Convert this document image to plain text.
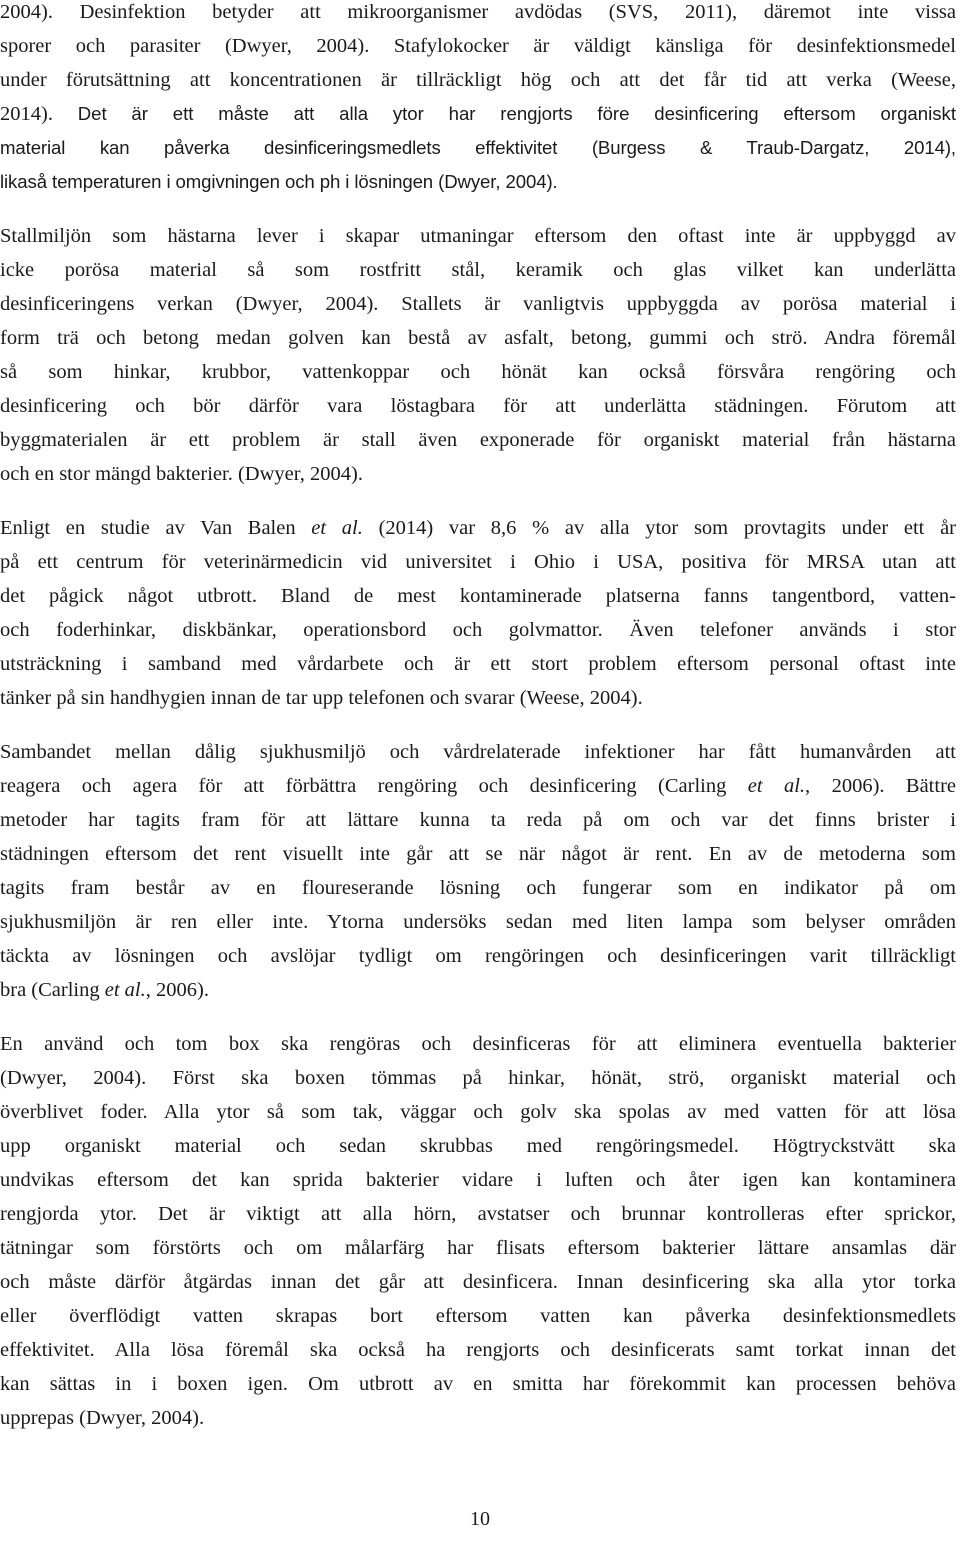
2004). Desinfektion betyder att mikroorganismer avdödas (SVS, 2011), däremot inte vissa
sporer och parasiter (Dwyer, 2004). Stafylokocker är väldigt känsliga för desinfektionsmedel
under förutsättning att koncentrationen är tillräckligt hög och att det får tid att verka (Weese,
2014). Det är ett måste att alla ytor har rengjorts före desinficering eftersom organiskt
material kan påverka desinficeringsmedlets effektivitet (Burgess & Traub-Dargatz, 2014),
likaså temperaturen i omgivningen och ph i lösningen (Dwyer, 2004).
Stallmiljön som hästarna lever i skapar utmaningar eftersom den oftast inte är uppbyggd av
icke porösa material så som rostfritt stål, keramik och glas vilket kan underlätta
desinficeringens verkan (Dwyer, 2004). Stallets är vanligtvis uppbyggda av porösa material i
form trä och betong medan golven kan bestå av asfalt, betong, gummi och strö. Andra föremål
så som hinkar, krubbor, vattenkoppar och hönät kan också försvåra rengöring och
desinficering och bör därför vara löstagbara för att underlätta städningen. Förutom att
byggmaterialen är ett problem är stall även exponerade för organiskt material från hästarna
och en stor mängd bakterier. (Dwyer, 2004).
Enligt en studie av Van Balen et al. (2014) var 8,6 % av alla ytor som provtagits under ett år
på ett centrum för veterinärmedicin vid universitet i Ohio i USA, positiva för MRSA utan att
det pågick något utbrott. Bland de mest kontaminerade platserna fanns tangentbord, vatten-
och foderhinkar, diskbänkar, operationsbord och golvmattor. Även telefoner används i stor
utsträckning i samband med vårdarbete och är ett stort problem eftersom personal oftast inte
tänker på sin handhygien innan de tar upp telefonen och svarar (Weese, 2004).
Sambandet mellan dålig sjukhusmiljö och vårdrelaterade infektioner har fått humanvården att
reagera och agera för att förbättra rengöring och desinficering (Carling et al., 2006). Bättre
metoder har tagits fram för att lättare kunna ta reda på om och var det finns brister i
städningen eftersom det rent visuellt inte går att se när något är rent. En av de metoderna som
tagits fram består av en floureserande lösning och fungerar som en indikator på om
sjukhusmiljön är ren eller inte. Ytorna undersöks sedan med liten lampa som belyser områden
täckta av lösningen och avslöjar tydligt om rengöringen och desinficeringen varit tillräckligt
bra (Carling et al., 2006).
En använd och tom box ska rengöras och desinficeras för att eliminera eventuella bakterier
(Dwyer, 2004). Först ska boxen tömmas på hinkar, hönät, strö, organiskt material och
överblivet foder. Alla ytor så som tak, väggar och golv ska spolas av med vatten för att lösa
upp organiskt material och sedan skrubbas med rengöringsmedel. Högtryckstvätt ska
undvikas eftersom det kan sprida bakterier vidare i luften och åter igen kan kontaminera
rengjorda ytor. Det är viktigt att alla hörn, avstatser och brunnar kontrolleras efter sprickor,
tätningar som förstörts och om målarfärg har flisats eftersom bakterier lättare ansamlas där
och måste därför åtgärdas innan det går att desinficera. Innan desinficering ska alla ytor torka
eller överflödigt vatten skrapas bort eftersom vatten kan påverka desinfektionsmedlets
effektivitet. Alla lösa föremål ska också ha rengjorts och desinficerats samt torkat innan det
kan sättas in i boxen igen. Om utbrott av en smitta har förekommit kan processen behöva
upprepas (Dwyer, 2004).
10
